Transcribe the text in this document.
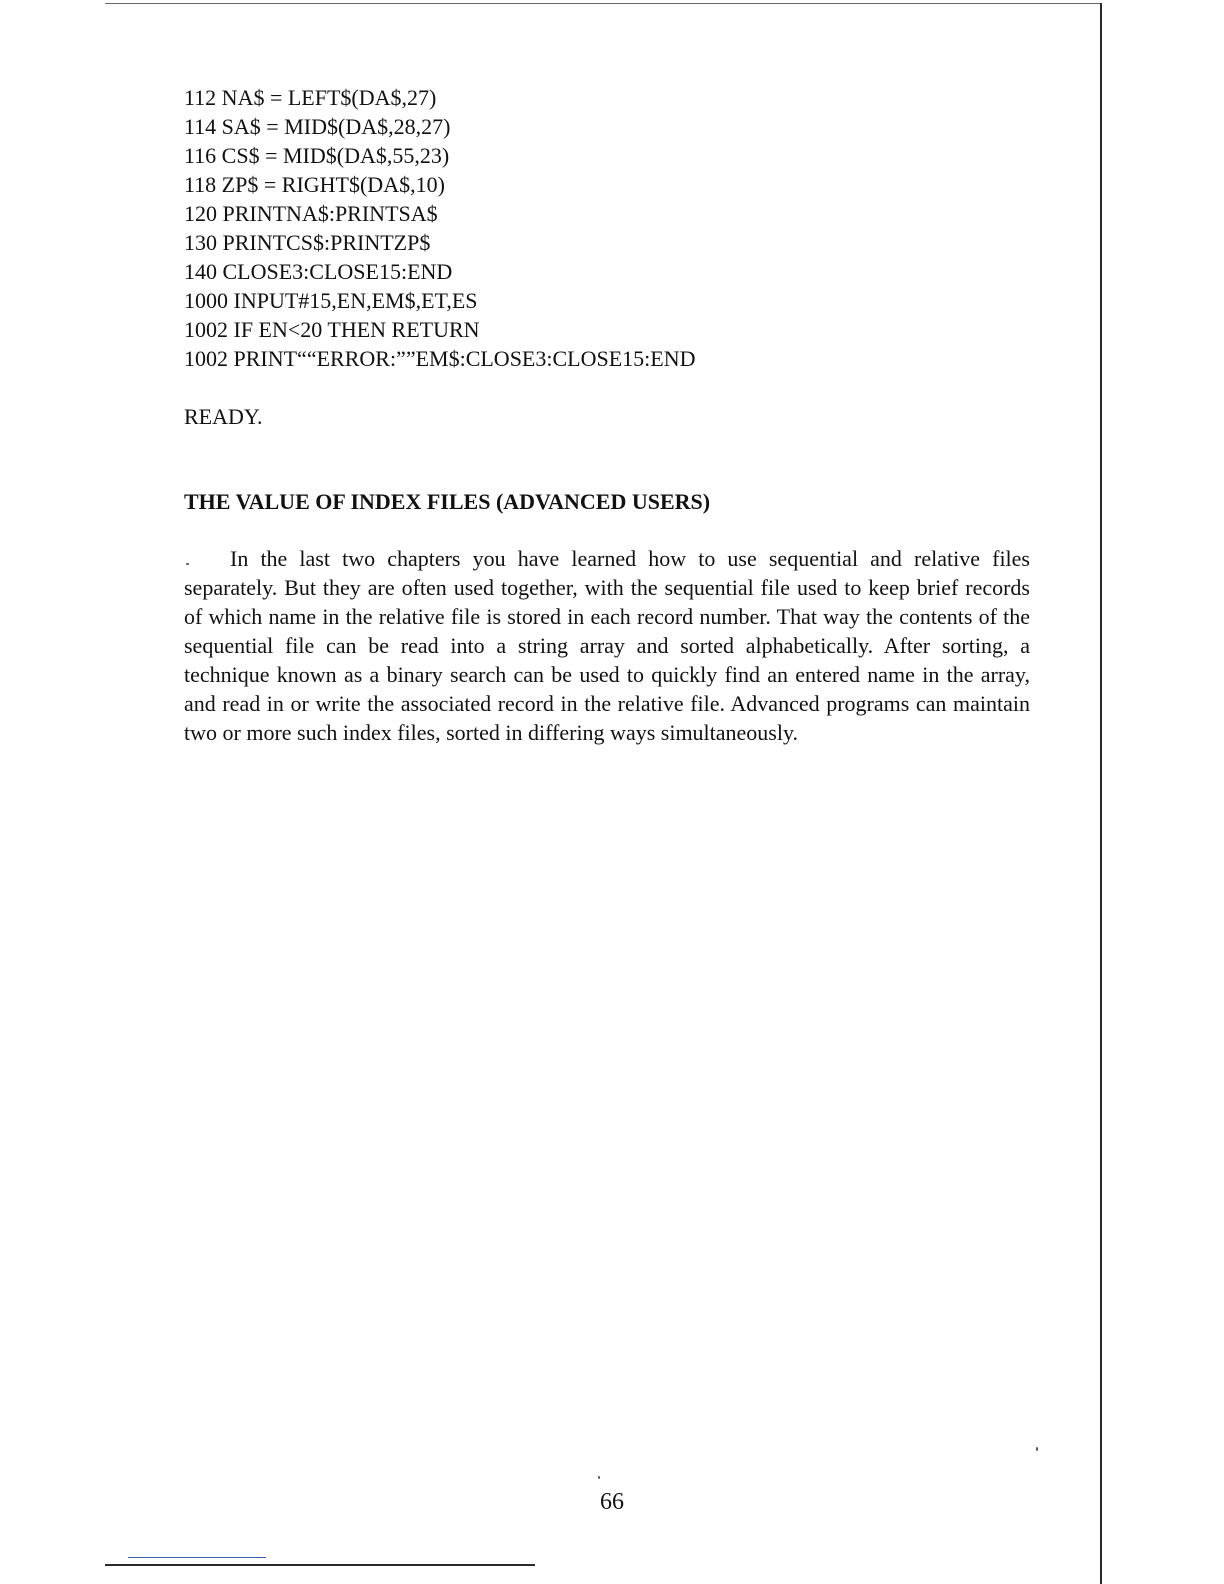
112 NA$ = LEFT$(DA$,27)
114 SA$ = MID$(DA$,28,27)
116 CS$ = MID$(DA$,55,23)
118 ZP$ = RIGHT$(DA$,10)
120 PRINTNA$:PRINTSA$
130 PRINTCS$:PRINTZP$
140 CLOSE3:CLOSE15:END
1000 INPUT#15,EN,EM$,ET,ES
1002 IF EN<20 THEN RETURN
1002 PRINT““ERROR:””EM$:CLOSE3:CLOSE15:END
READY.
THE VALUE OF INDEX FILES (ADVANCED USERS)

In the last two chapters you have learned how to use sequential and relative files separately. But they are often used together, with the sequential file used to keep brief records of which name in the relative file is stored in each record number. That way the contents of the sequential file can be read into a string array and sorted alphabetically. After sorting, a technique known as a binary search can be used to quickly find an entered name in the array, and read in or write the associated record in the relative file. Advanced programs can maintain two or more such index files, sorted in differing ways simultaneously.

66
